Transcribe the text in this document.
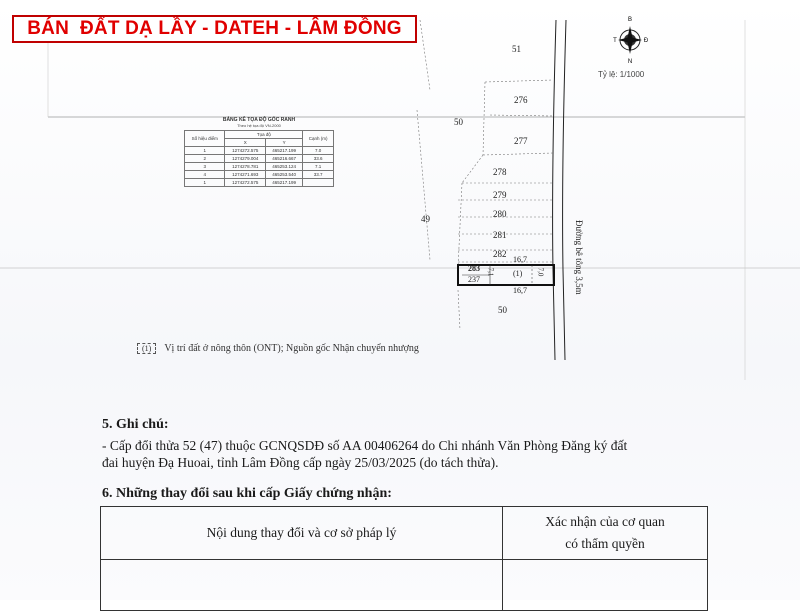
51
276
50
277
278
279
280
281
282
49
50
283
237
(1)
16,7
16,7
7,1	7,0	Đường bê tông 3,5m
B
T	Đ
N
Tỷ lệ: 1/1000
BẢNG KÊ TỌA ĐỘ GÓC RANH
Theo hệ tọa độ VN-2000
Số hiệu điểm	Tọa độ		Cạnh (m)
	X	Y	
1	1274272.575	465217.199	7.0
2	1274279.004	465216.667	33.6
3	1274278.781	465253.124	7.1
4	1274271.693	465253.540	33.7
1	1274272.575	465217.199	
(1) Vị trí đất ở nông thôn (ONT); Nguồn gốc Nhận chuyển nhượng
5. Ghi chú:
- Cấp đổi thửa 52 (47) thuộc GCNQSDĐ số AA 00406264 do Chi nhánh Văn Phòng Đăng ký đất
đai huyện Đạ Huoai, tỉnh Lâm Đồng cấp ngày 25/03/2025 (do tách thửa).
6. Những thay đổi sau khi cấp Giấy chứng nhận:
Nội dung thay đổi và cơ sở pháp lý	Xác nhận của cơ quan
có thẩm quyền

BÁN  ĐẤT DẠ LẦY - DATEH - LÂM ĐỒNG
